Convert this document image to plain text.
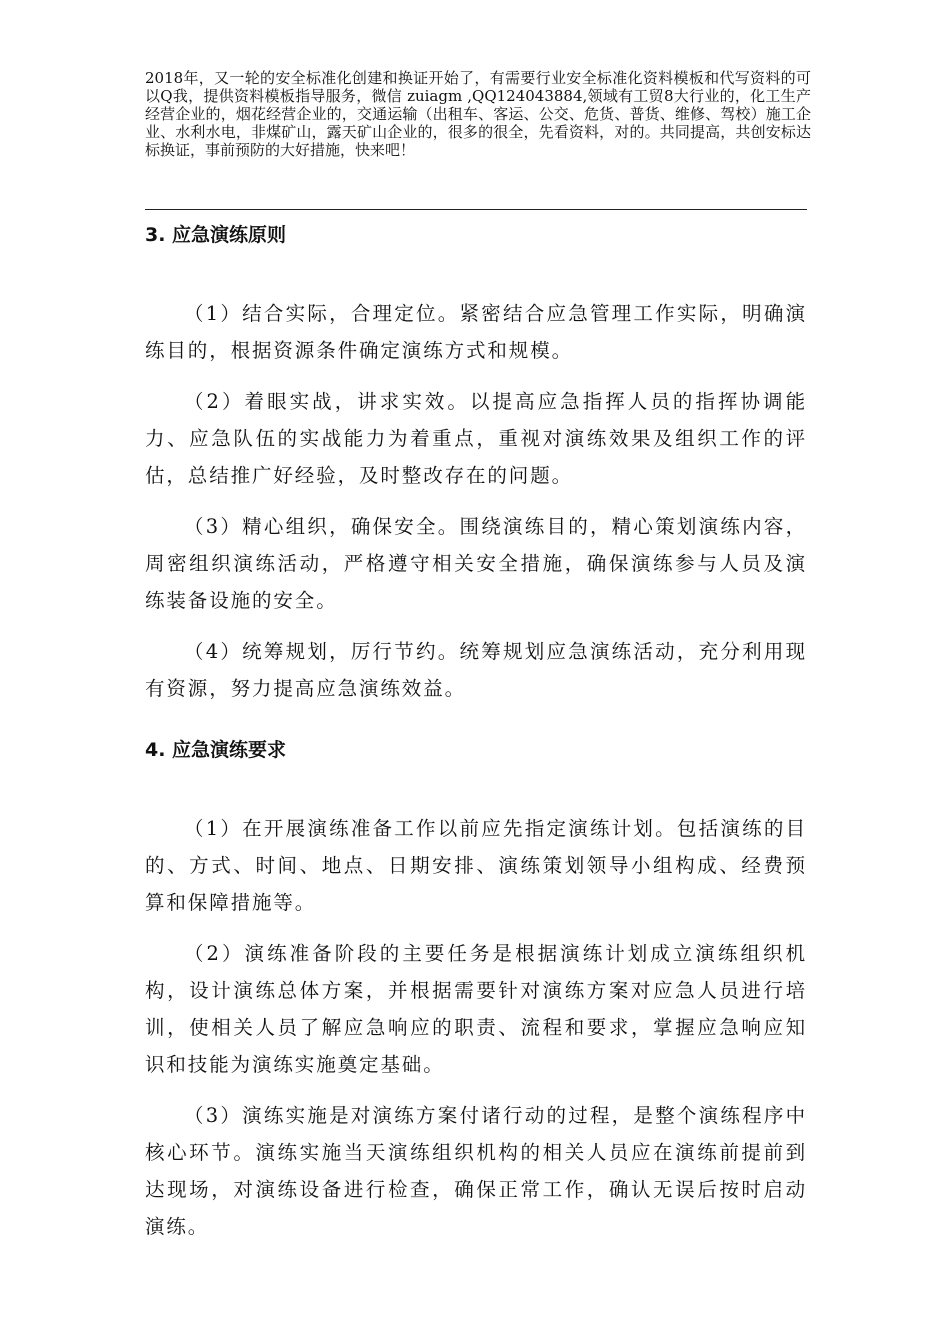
2018年，又一轮的安全标准化创建和换证开始了，有需要行业安全标准化资料模板和代写资料的可以Q我，提供资料模板指导服务，微信 zuiagm ,QQ124043884,领域有工贸8大行业的，化工生产经营企业的，烟花经营企业的，交通运输（出租车、客运、公交、危货、普货、维修、驾校）施工企业、水利水电，非煤矿山，露天矿山企业的，很多的很全，先看资料，对的。共同提高，共创安标达标换证，事前预防的大好措施，快来吧！

3. 应急演练原则

（1）结合实际，合理定位。紧密结合应急管理工作实际，明确演练目的，根据资源条件确定演练方式和规模。

（2）着眼实战，讲求实效。以提高应急指挥人员的指挥协调能力、应急队伍的实战能力为着重点，重视对演练效果及组织工作的评估，总结推广好经验，及时整改存在的问题。

（3）精心组织，确保安全。围绕演练目的，精心策划演练内容，周密组织演练活动，严格遵守相关安全措施，确保演练参与人员及演练装备设施的安全。

（4）统筹规划，厉行节约。统筹规划应急演练活动，充分利用现有资源，努力提高应急演练效益。

4. 应急演练要求

（1）在开展演练准备工作以前应先指定演练计划。包括演练的目的、方式、时间、地点、日期安排、演练策划领导小组构成、经费预算和保障措施等。

（2）演练准备阶段的主要任务是根据演练计划成立演练组织机构，设计演练总体方案，并根据需要针对演练方案对应急人员进行培训，使相关人员了解应急响应的职责、流程和要求，掌握应急响应知识和技能为演练实施奠定基础。

（3）演练实施是对演练方案付诸行动的过程，是整个演练程序中核心环节。演练实施当天演练组织机构的相关人员应在演练前提前到达现场，对演练设备进行检查，确保正常工作，确认无误后按时启动演练。
